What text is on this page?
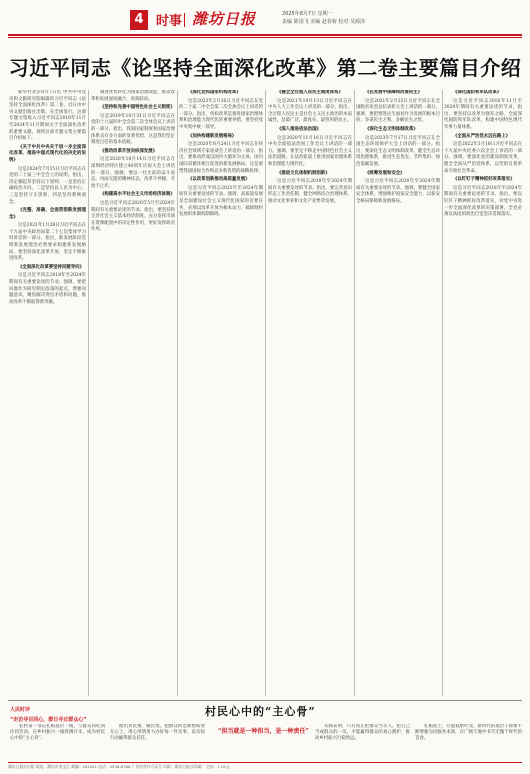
4 时事 潍坊日报	2025年8月7日 星期一
责编 陈国飞 美编 赵春菊 校对 吴源泽
习近平同志《论坚持全面深化改革》第二卷主要篇目介绍

新华社北京8月7日电 中共中央党史和文献研究院编辑的习近平同志《论坚持全面深化改革》第二卷，近日由中央文献出版社出版，在全国发行。这部专题文集收入习近平同志2018年11月至2024年11月期间关于全面深化改革的重要文献。现将这部专题文集主要篇目介绍如下。

《关于中共中央关于进一步全面深化改革、推进中国式现代化的决定的说明》

这是2024年7月15日习近平同志在党的二十届三中全会上的说明。指出，决定稿起草坚持以下原则：一是坚持正确政治方向，二是坚持以人民为中心，三是坚持守正创新，四是坚持系统观念。

《完整、准确、全面贯彻新发展理念》

这是2021年1月28日习近平同志在十九届中央政治局第二十七次集体学习时讲话的一部分。指出，新发展阶段贯彻新发展理念必然要求构建新发展格局，要坚持深化改革开放，坚定不移推进改革。

《全面深化改革要坚持问题导向》

这是习近平同志2018年至2024年期间有关重要论述的节录。强调，要把问题作为研究制定政策的起点，增强问题意识，聚焦解决突出矛盾和问题，推动改革不断取得新突破。

制度优势转化为国家治理效能，推动改革和发展深度融合、高效联动。

《坚持和完善中国特色社会主义制度》

这是2019年10月31日习近平同志在党的十九届四中全会第二次全体会议上讲话的一部分。指出，我国国家制度和国家治理体系具有多方面的显著优势，这是我们坚定制度自信的基本依据。

《推动改革开放向纵深发展》

这是2020年10月14日习近平同志在深圳经济特区建立40周年庆祝大会上讲话的一部分。强调，要以一往无前的奋斗姿态、风雨无阻的精神状态，改革不停顿，开放不止步。

《构建高水平社会主义市场经济体制》

这是习近平同志2020年5月至2024年期间有关重要论述的节录。指出，要坚持和完善社会主义基本经济制度，充分发挥市场在资源配置中的决定性作用，更好发挥政府作用。

《深化党和国家机构改革》

这是2023年2月26日习近平同志在党的二十届二中全会第二次全体会议上讲话的一部分。指出，机构改革是推进国家治理体系和治理能力现代化的重要举措，要坚持党中央集中统一领导。

《加快构建新发展格局》

这是2020年8月24日习近平同志在经济社会领域专家座谈会上讲话的一部分。指出，要推动形成以国内大循环为主体、国内国际双循环相互促进的新发展格局，这是重塑我国国际合作和竞争新优势的战略抉择。

《以改革创新推动高质量发展》

这是习近平同志2021年至2024年期间有关重要论述的节录。强调，高质量发展是全面建设社会主义现代化国家的首要任务，必须以改革开放为根本动力，破除制约发展的体制机制障碍。

《健全全过程人民民主制度体系》

这是2021年10月13日习近平同志在中央人大工作会议上讲话的一部分。指出，全过程人民民主是社会主义民主政治的本质属性，是最广泛、最真实、最管用的民主。

《深入推进依法治国》

这是2020年11月16日习近平同志在中央全面依法治国工作会议上讲话的一部分。强调，要坚定不移走中国特色社会主义法治道路，在法治轨道上推进国家治理体系和治理能力现代化。

《推进文化体制机制创新》

这是习近平同志2018年至2024年期间有关重要论述的节录。指出，要完善意识形态工作责任制，健全网络综合治理体系，推动文化事业和文化产业繁荣发展。

《在发展中保障和改善民生》

这是2021年2月25日习近平同志在全国脱贫攻坚总结表彰大会上讲话的一部分。强调，要把增进民生福祉作为发展的根本目的，多谋民生之利、多解民生之忧。

《深化生态文明体制改革》

这是2023年7月17日习近平同志在全国生态环境保护大会上讲话的一部分。指出，要深化生态文明体制改革，健全生态环境治理体系，推进生态优先、节约集约、绿色低碳发展。

《统筹发展和安全》

这是习近平同志2020年至2024年期间有关重要论述的节录。强调，要健全国家安全体系，增强维护国家安全能力，以新安全格局保障新发展格局。

《深化国防和军队改革》

这是习近平同志2018年11月至2024年期间有关重要论述的节录。指出，要坚持以改革为强军之路，全面深化国防和军队改革，构建中国特色现代军事力量体系。

《全面从严治党永远在路上》

这是2022年1月18日习近平同志在十九届中央纪委六次全会上讲话的一部分。强调，要深化党的建设制度改革，健全全面从严治党体系，以党的自我革命引领社会革命。

《以钉钉子精神抓好改革落实》

这是习近平同志2018年至2024年期间有关重要论述的节录。指出，要以钉钉子精神抓好改革落实，对党中央进一步全面深化改革的决策部署，全党必须以高度的政治自觉坚决贯彻落实。

人民时评	村民心中的“主心骨”
“走访寻百回心，群日寻过群众心”
“担当就是一种担当，是一种责任”

驻村第一书记扎根基层一线，与群众同吃同住同劳动，在乡村振兴一线挥洒汗水，成为村民心中的“主心骨”。

他们访民情、解民忧，把群众的急难愁盼放在心上，用心用情用力办好每一件实事，以实际行动赢得群众信任。

实践证明，只有真正把群众当亲人，把自己当成群众的一员，才能赢得群众的真心拥护，推动乡村振兴行稳致远。

扎根泥土，方能枝繁叶茂。新时代的基层干部要不断增强为民服务本领，在广阔天地中书写无愧于时代的答卷。

潍坊日报社出版 地址：潍坊市奎文区 邮编：261041 电话：0536-8786 广告经营许可证号 印刷：潍坊日报社印刷厂 定价：1.00元
